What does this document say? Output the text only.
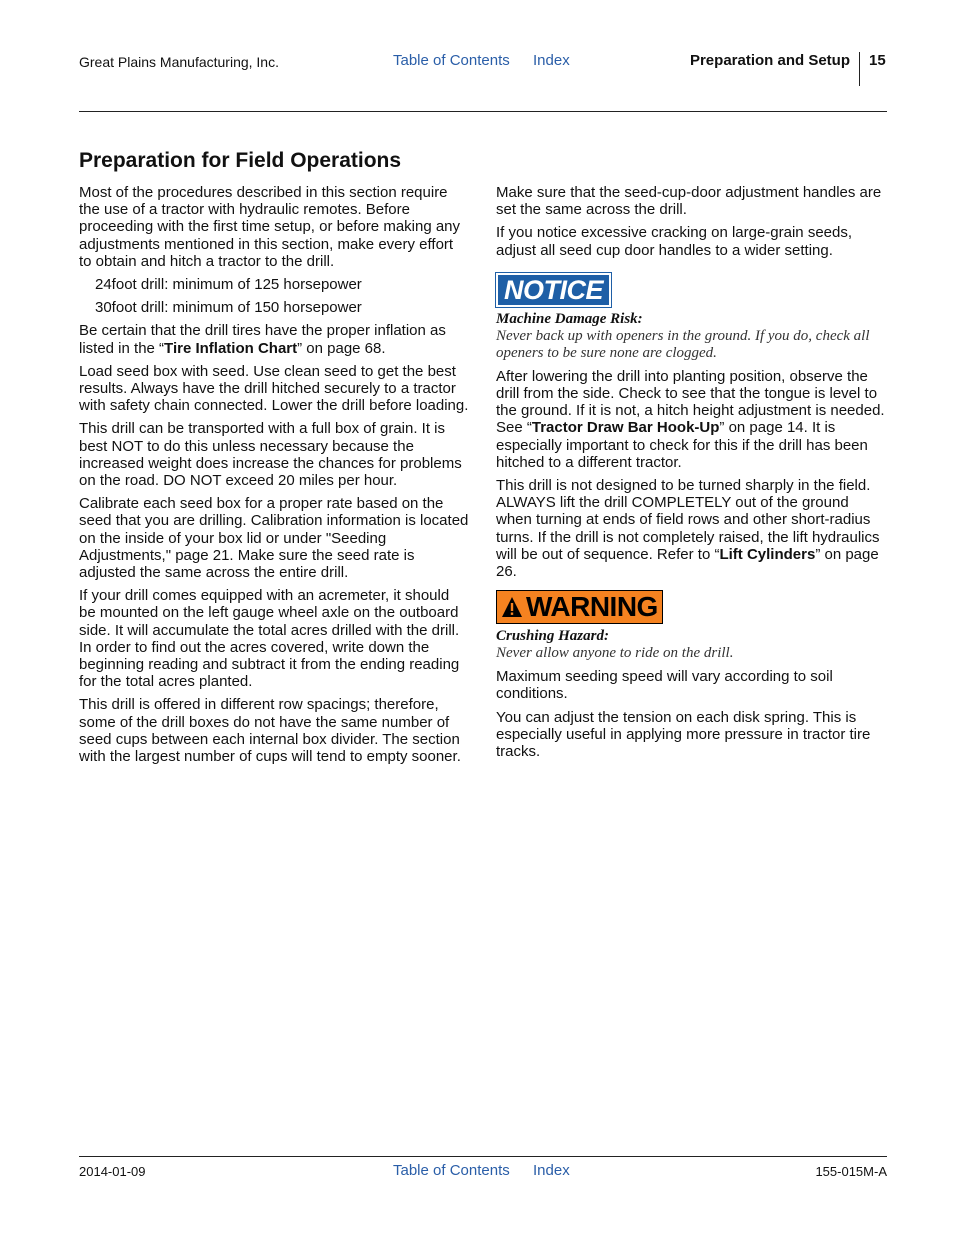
Great Plains Manufacturing, Inc.	Table of Contents Index	Preparation and Setup 15
Preparation for Field Operations

Most of the procedures described in this section require the use of a tractor with hydraulic remotes. Before proceeding with the first time setup, or before making any adjustments mentioned in this section, make every effort to obtain and hitch a tractor to the drill.

24foot drill: minimum of 125 horsepower

30foot drill: minimum of 150 horsepower

Be certain that the drill tires have the proper inflation as listed in the “Tire Inflation Chart” on page 68.

Load seed box with seed. Use clean seed to get the best results. Always have the drill hitched securely to a tractor with safety chain connected. Lower the drill before loading.

This drill can be transported with a full box of grain. It is best NOT to do this unless necessary because the increased weight does increase the chances for problems on the road. DO NOT exceed 20 miles per hour.

Calibrate each seed box for a proper rate based on the seed that you are drilling. Calibration information is located on the inside of your box lid or under "Seeding Adjustments," page 21. Make sure the seed rate is adjusted the same across the entire drill.

If your drill comes equipped with an acremeter, it should be mounted on the left gauge wheel axle on the outboard side. It will accumulate the total acres drilled with the drill. In order to find out the acres covered, write down the beginning reading and subtract it from the ending reading for the total acres planted.

This drill is offered in different row spacings; therefore, some of the drill boxes do not have the same number of seed cups between each internal box divider. The section with the largest number of cups will tend to empty sooner.

Make sure that the seed-cup-door adjustment handles are set the same across the drill.

If you notice excessive cracking on large-grain seeds, adjust all seed cup door handles to a wider setting.

NOTICE
Machine Damage Risk:
Never back up with openers in the ground. If you do, check all openers to be sure none are clogged.

After lowering the drill into planting position, observe the drill from the side. Check to see that the tongue is level to the ground. If it is not, a hitch height adjustment is needed. See “Tractor Draw Bar Hook-Up” on page 14. It is especially important to check for this if the drill has been hitched to a different tractor.

This drill is not designed to be turned sharply in the field. ALWAYS lift the drill COMPLETELY out of the ground when turning at ends of field rows and other short-radius turns. If the drill is not completely raised, the lift hydraulics will be out of sequence. Refer to “Lift Cylinders” on page 26.

WARNING
Crushing Hazard:
Never allow anyone to ride on the drill.

Maximum seeding speed will vary according to soil conditions.

You can adjust the tension on each disk spring. This is especially useful in applying more pressure in tractor tire tracks.

2014-01-09	Table of Contents Index	155-015M-A
